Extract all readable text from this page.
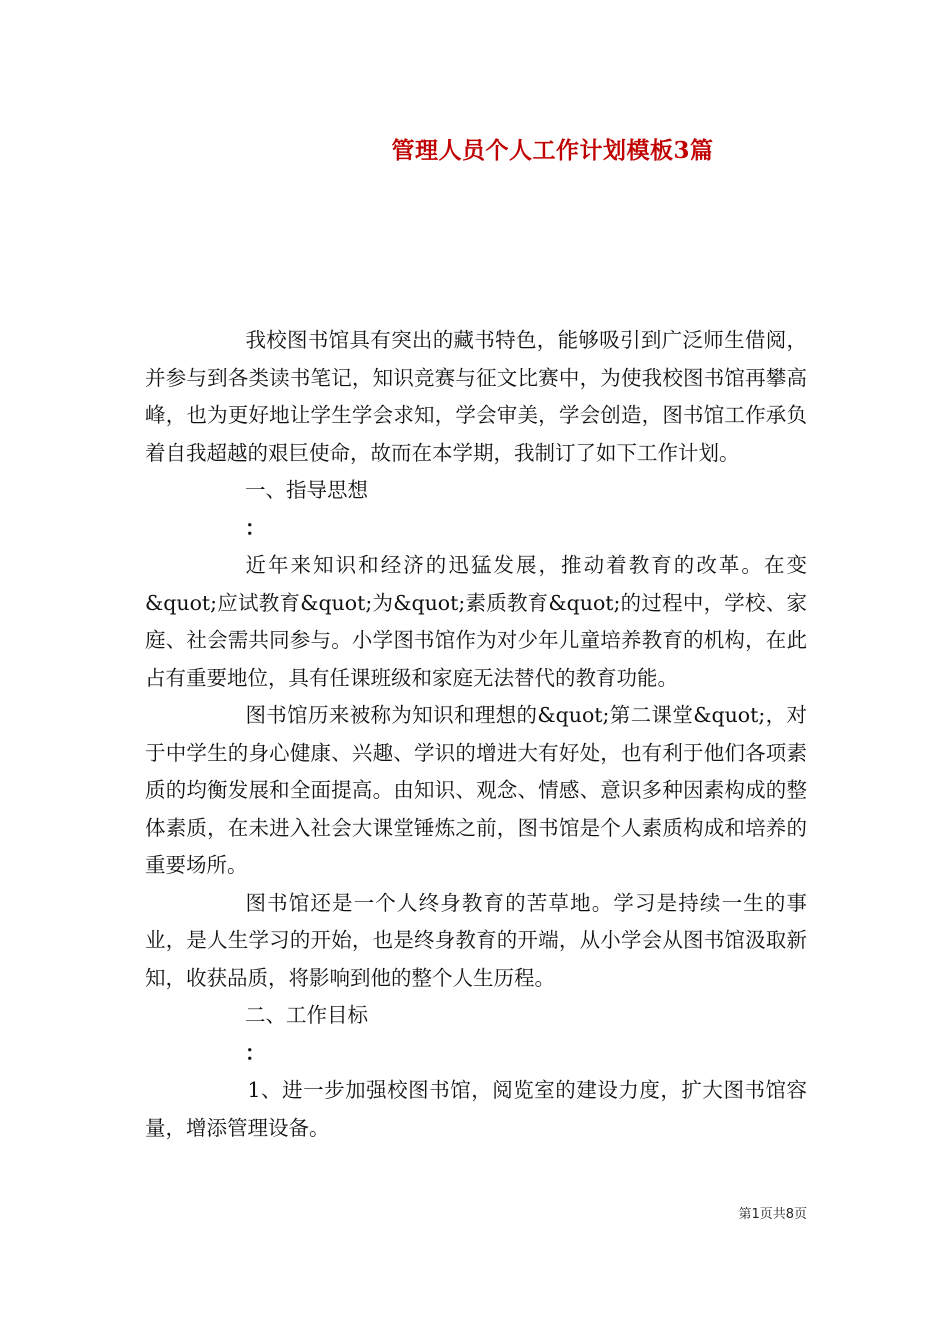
管理人员个人工作计划模板3篇

我校图书馆具有突出的藏书特色，能够吸引到广泛师生借阅，并参与到各类读书笔记，知识竞赛与征文比赛中，为使我校图书馆再攀高峰，也为更好地让学生学会求知，学会审美，学会创造，图书馆工作承负着自我超越的艰巨使命，故而在本学期，我制订了如下工作计划。

一、指导思想

：

近年来知识和经济的迅猛发展，推动着教育的改革。在变&quot;应试教育&quot;为&quot;素质教育&quot;的过程中，学校、家庭、社会需共同参与。小学图书馆作为对少年儿童培养教育的机构，在此占有重要地位，具有任课班级和家庭无法替代的教育功能。

图书馆历来被称为知识和理想的&quot;第二课堂&quot;，对于中学生的身心健康、兴趣、学识的增进大有好处，也有利于他们各项素质的均衡发展和全面提高。由知识、观念、情感、意识多种因素构成的整体素质，在未进入社会大课堂锤炼之前，图书馆是个人素质构成和培养的重要场所。

图书馆还是一个人终身教育的苦草地。学习是持续一生的事业，是人生学习的开始，也是终身教育的开端，从小学会从图书馆汲取新知，收获品质，将影响到他的整个人生历程。

二、工作目标

：

1、进一步加强校图书馆，阅览室的建设力度，扩大图书馆容量，增添管理设备。

第1页共8页
